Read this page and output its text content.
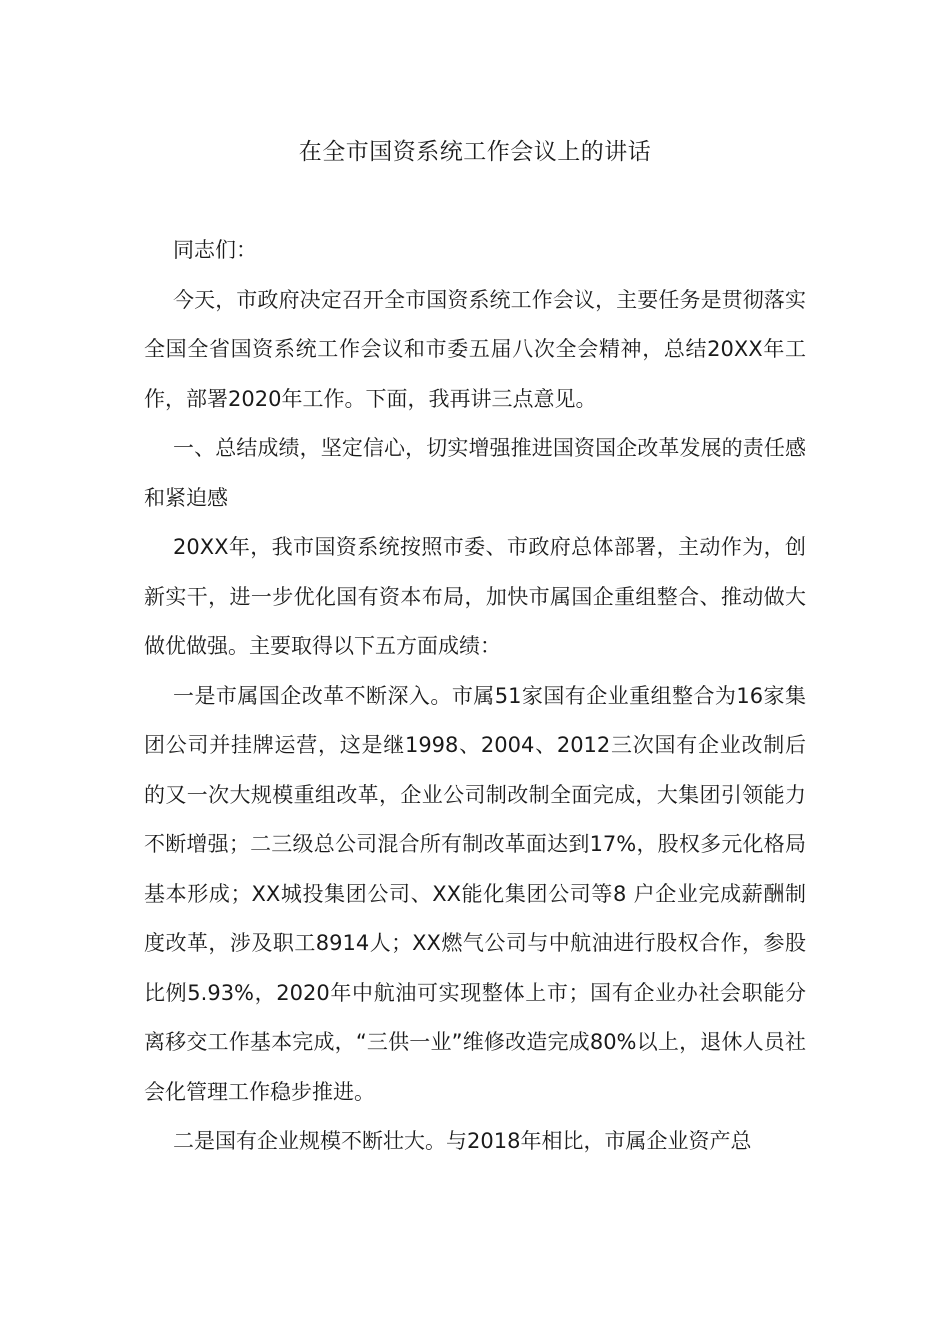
在全市国资系统工作会议上的讲话

同志们：

今天，市政府决定召开全市国资系统工作会议，主要任务是贯彻落实全国全省国资系统工作会议和市委五届八次全会精神，总结20XX年工作，部署2020年工作。下面，我再讲三点意见。

一、总结成绩，坚定信心，切实增强推进国资国企改革发展的责任感和紧迫感

20XX年，我市国资系统按照市委、市政府总体部署，主动作为，创新实干，进一步优化国有资本布局，加快市属国企重组整合、推动做大做优做强。主要取得以下五方面成绩：

一是市属国企改革不断深入。市属51家国有企业重组整合为16家集团公司并挂牌运营，这是继1998、2004、2012三次国有企业改制后的又一次大规模重组改革，企业公司制改制全面完成，大集团引领能力不断增强；二三级总公司混合所有制改革面达到17%，股权多元化格局基本形成；XX城投集团公司、XX能化集团公司等8 户企业完成薪酬制度改革，涉及职工8914人；XX燃气公司与中航油进行股权合作，参股比例5.93%，2020年中航油可实现整体上市；国有企业办社会职能分离移交工作基本完成，“三供一业”维修改造完成80%以上，退休人员社会化管理工作稳步推进。

二是国有企业规模不断壮大。与2018年相比，市属企业资产总
